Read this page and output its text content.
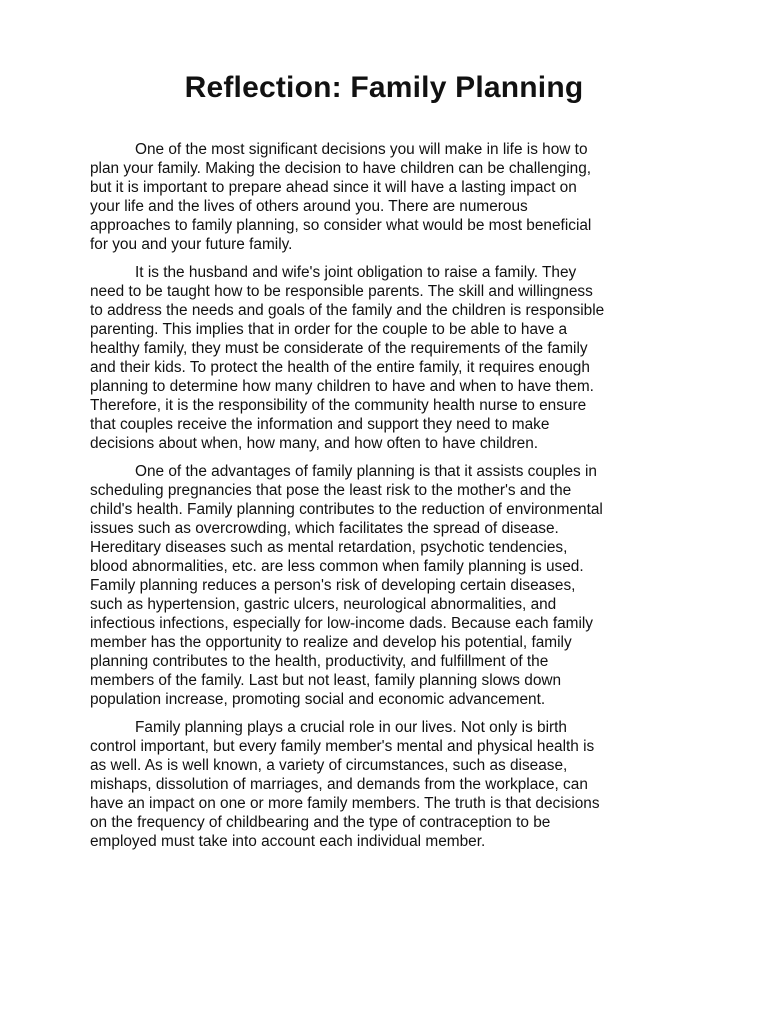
Reflection: Family Planning

One of the most significant decisions you will make in life is how to
plan your family. Making the decision to have children can be challenging,
but it is important to prepare ahead since it will have a lasting impact on
your life and the lives of others around you. There are numerous
approaches to family planning, so consider what would be most beneficial
for you and your future family.

It is the husband and wife's joint obligation to raise a family. They
need to be taught how to be responsible parents. The skill and willingness
to address the needs and goals of the family and the children is responsible
parenting. This implies that in order for the couple to be able to have a
healthy family, they must be considerate of the requirements of the family
and their kids. To protect the health of the entire family, it requires enough
planning to determine how many children to have and when to have them.
Therefore, it is the responsibility of the community health nurse to ensure
that couples receive the information and support they need to make
decisions about when, how many, and how often to have children.

One of the advantages of family planning is that it assists couples in
scheduling pregnancies that pose the least risk to the mother's and the
child's health. Family planning contributes to the reduction of environmental
issues such as overcrowding, which facilitates the spread of disease.
Hereditary diseases such as mental retardation, psychotic tendencies,
blood abnormalities, etc. are less common when family planning is used.
Family planning reduces a person's risk of developing certain diseases,
such as hypertension, gastric ulcers, neurological abnormalities, and
infectious infections, especially for low-income dads. Because each family
member has the opportunity to realize and develop his potential, family
planning contributes to the health, productivity, and fulfillment of the
members of the family. Last but not least, family planning slows down
population increase, promoting social and economic advancement.

Family planning plays a crucial role in our lives. Not only is birth
control important, but every family member's mental and physical health is
as well. As is well known, a variety of circumstances, such as disease,
mishaps, dissolution of marriages, and demands from the workplace, can
have an impact on one or more family members. The truth is that decisions
on the frequency of childbearing and the type of contraception to be
employed must take into account each individual member.
